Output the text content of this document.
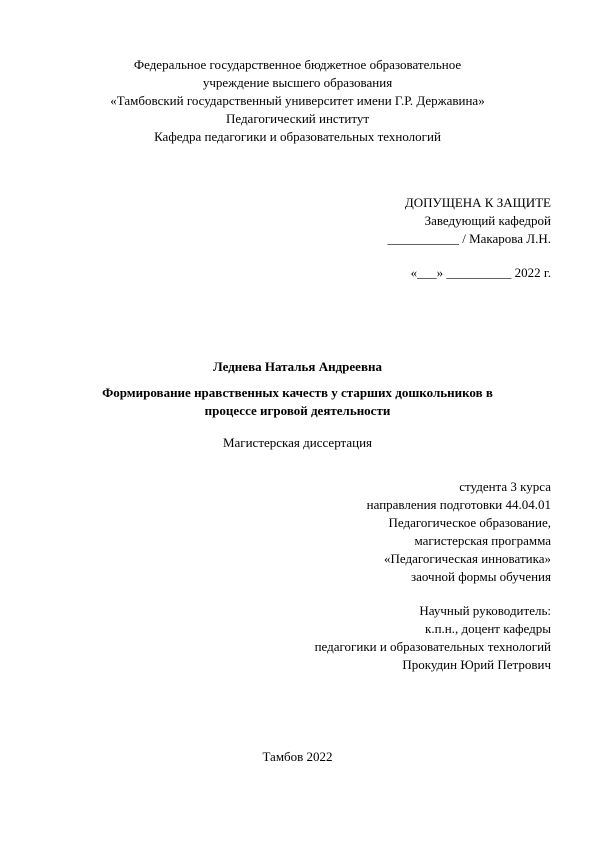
Федеральное государственное бюджетное образовательное
учреждение высшего образования
«Тамбовский государственный университет имени Г.Р. Державина»
Педагогический институт
Кафедра педагогики и образовательных технологий
ДОПУЩЕНА К ЗАЩИТЕ
Заведующий кафедрой
___________ / Макарова Л.Н.
«___» __________ 2022 г.
Леднева Наталья Андреевна
Формирование нравственных качеств у старших дошкольников в
процессе игровой деятельности
Магистерская диссертация
студента 3 курса
направления подготовки 44.04.01
Педагогическое образование,
магистерская программа
«Педагогическая инноватика»
заочной формы обучения
Научный руководитель:
к.п.н., доцент кафедры
педагогики и образовательных технологий
Прокудин Юрий Петрович
Тамбов 2022
